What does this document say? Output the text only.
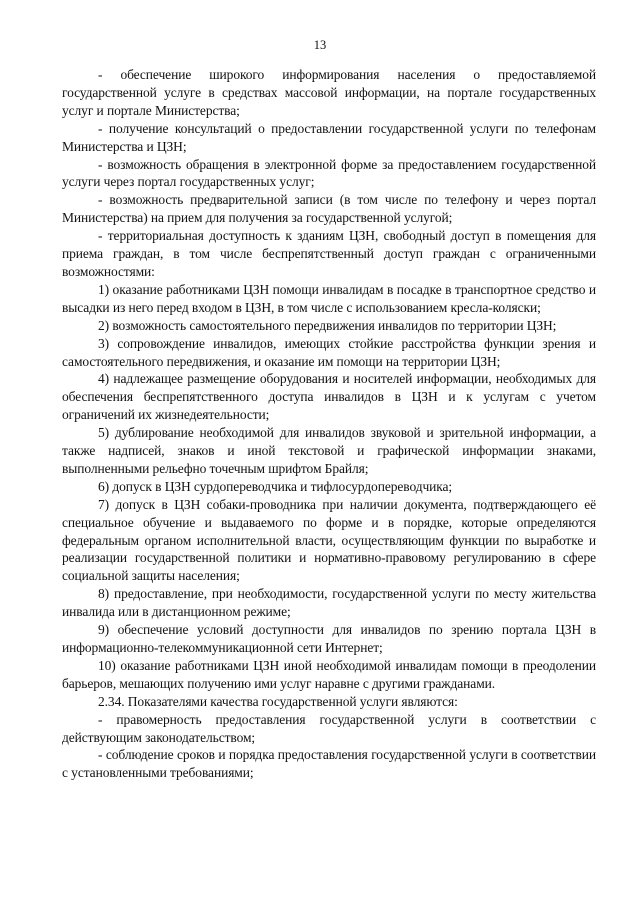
13

- обеспечение широкого информирования населения о предоставляемой государственной услуге в средствах массовой информации, на портале государственных услуг и портале Министерства;

- получение консультаций о предоставлении государственной услуги по телефонам Министерства и ЦЗН;

- возможность обращения в электронной форме за предоставлением государственной услуги через портал государственных услуг;

- возможность предварительной записи (в том числе по телефону и через портал Министерства) на прием для получения за государственной услугой;

- территориальная доступность к зданиям ЦЗН, свободный доступ в помещения для приема граждан, в том числе беспрепятственный доступ граждан с ограниченными возможностями:

1) оказание работниками ЦЗН помощи инвалидам в посадке в транспортное средство и высадки из него перед входом в ЦЗН, в том числе с использованием кресла-коляски;

2) возможность самостоятельного передвижения инвалидов по территории ЦЗН;

3) сопровождение инвалидов, имеющих стойкие расстройства функции зрения и самостоятельного передвижения, и оказание им помощи на территории ЦЗН;

4) надлежащее размещение оборудования и носителей информации, необходимых для обеспечения беспрепятственного доступа инвалидов в ЦЗН и к услугам с учетом ограничений их жизнедеятельности;

5) дублирование необходимой для инвалидов звуковой и зрительной информации, а также надписей, знаков и иной текстовой и графической информации знаками, выполненными рельефно точечным шрифтом Брайля;

6) допуск в ЦЗН сурдопереводчика и тифлосурдопереводчика;

7) допуск в ЦЗН собаки-проводника при наличии документа, подтверждающего её специальное обучение и выдаваемого по форме и в порядке, которые определяются федеральным органом исполнительной власти, осуществляющим функции по выработке и реализации государственной политики и нормативно-правовому регулированию в сфере социальной защиты населения;

8) предоставление, при необходимости, государственной услуги по месту жительства инвалида или в дистанционном режиме;

9) обеспечение условий доступности для инвалидов по зрению портала ЦЗН в информационно-телекоммуникационной сети Интернет;

10) оказание работниками ЦЗН иной необходимой инвалидам помощи в преодолении барьеров, мешающих получению ими услуг наравне с другими гражданами.

2.34. Показателями качества государственной услуги являются:

- правомерность предоставления государственной услуги в соответствии с действующим законодательством;

- соблюдение сроков и порядка предоставления государственной услуги в соответствии с установленными требованиями;
